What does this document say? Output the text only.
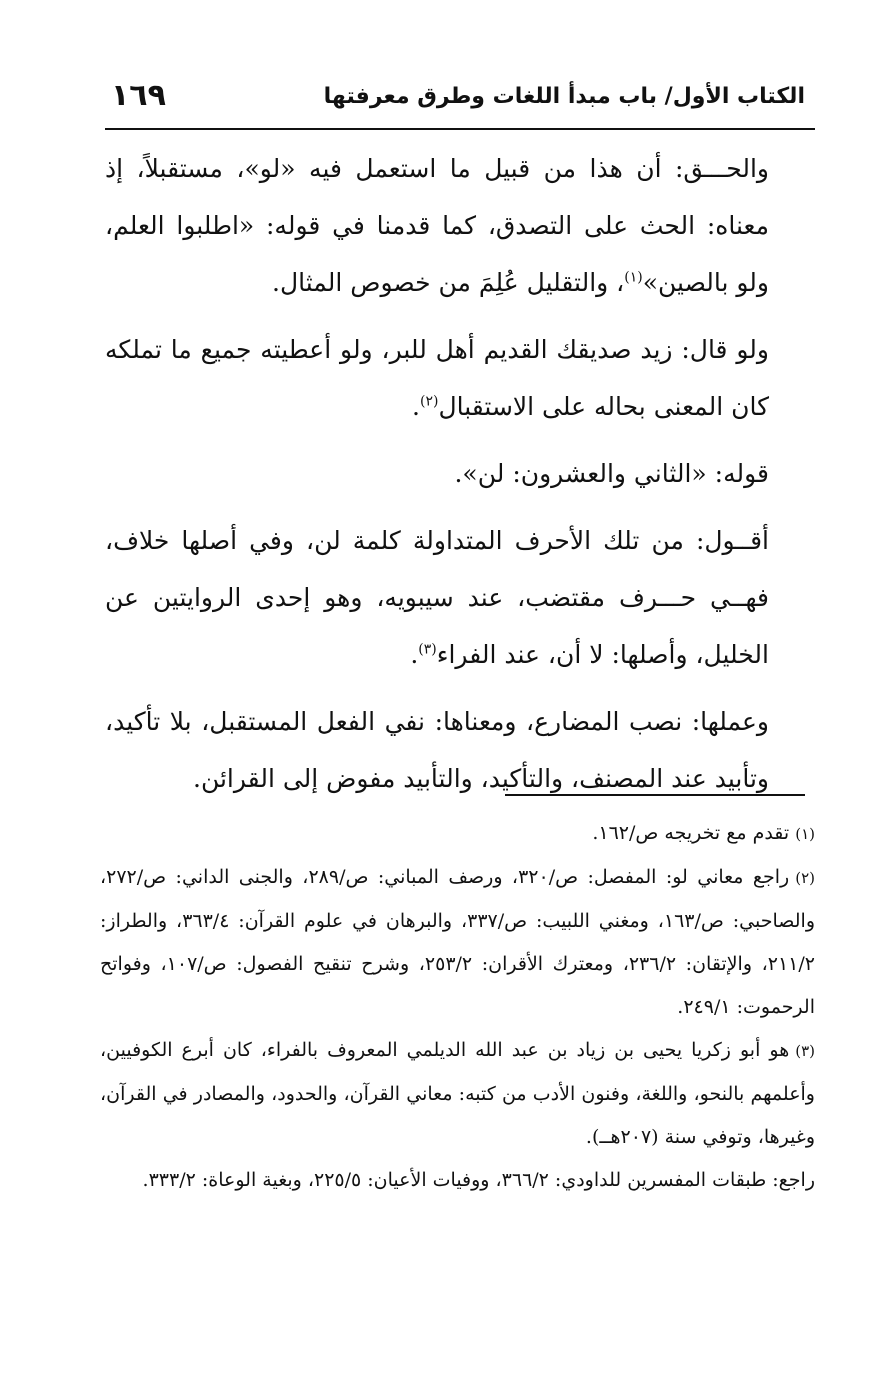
الكتاب الأول/ باب مبدأ اللغات وطرق معرفتها
١٦٩

والحـــق: أن هذا من قبيل ما استعمل فيه «لو»، مستقبلاً، إذ معناه: الحث على التصدق، كما قدمنا في قوله: «اطلبوا العلم، ولو بالصين»$^{(١)}$، والتقليل عُلِمَ من خصوص المثال.

ولو قال: زيد صديقك القديم أهل للبر، ولو أعطيته جميع ما تملكه كان المعنى بحاله على الاستقبال$^{(٢)}$.

قوله: «الثاني والعشرون: لن».

أقــول: من تلك الأحرف المتداولة كلمة لن، وفي أصلها خلاف، فهــي حـــرف مقتضب، عند سيبويه، وهو إحدى الروايتين عن الخليل، وأصلها: لا أن، عند الفراء$^{(٣)}$.

وعملها: نصب المضارع، ومعناها: نفي الفعل المستقبل، بلا تأكيد، وتأبيد عند المصنف، والتأكيد، والتأبيد مفوض إلى القرائن.

(١)تقدم مع تخريجه ص/١٦٢.

(٢)راجع معاني لو: المفصل: ص/٣٢٠، ورصف المباني: ص/٢٨٩، والجنى الداني: ص/٢٧٢، والصاحبي: ص/١٦٣، ومغني اللبيب: ص/٣٣٧، والبرهان في علوم القرآن: ٣٦٣/٤، والطراز: ٢١١/٢، والإتقان: ٢٣٦/٢، ومعترك الأقران: ٢٥٣/٢، وشرح تنقيح الفصول: ص/١٠٧، وفواتح الرحموت: ٢٤٩/١.

(٣)هو أبو زكريا يحيى بن زياد بن عبد الله الديلمي المعروف بالفراء، كان أبرع الكوفيين، وأعلمهم بالنحو، واللغة، وفنون الأدب من كتبه: معاني القرآن، والحدود، والمصادر في القرآن، وغيرها، وتوفي سنة (٢٠٧هــ).

راجع: طبقات المفسرين للداودي: ٣٦٦/٢، ووفيات الأعيان: ٢٢٥/٥، وبغية الوعاة: ٣٣٣/٢.
